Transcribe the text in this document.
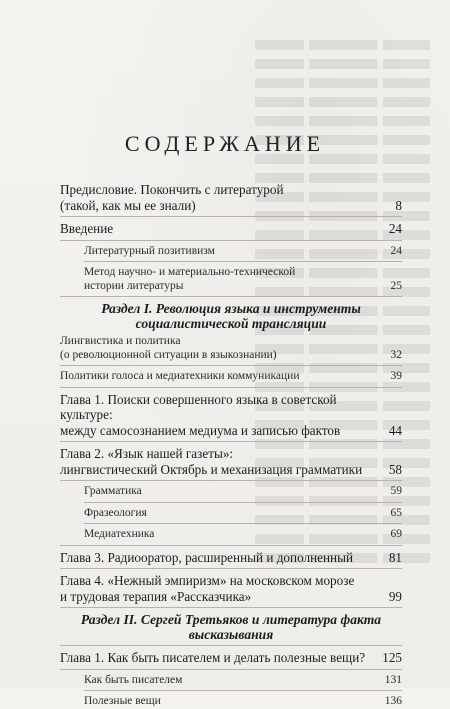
СОДЕРЖАНИЕ
Предисловие. Покончить с литературой
(такой, как мы ее знали)	8
Введение	24
Литературный позитивизм	24
Метод научно- и материально-технической
истории литературы	25
Раздел I. Революция языка и инструменты
социалистической трансляции
Лингвистика и политика
(о революционной ситуации в языкознании)	32
Политики голоса и медиатехники коммуникации	39
Глава 1. Поиски совершенного языка в советской культуре:
между самосознанием медиума и записью фактов	44
Глава 2. «Язык нашей газеты»:
лингвистический Октябрь и механизация грамматики	58
Грамматика	59
Фразеология	65
Медиатехника	69
Глава 3. Радиооратор, расширенный и дополненный	81
Глава 4. «Нежный эмпиризм» на московском морозе
и трудовая терапия «Рассказчика»	99
Раздел II. Сергей Третьяков и литература факта
высказывания
Глава 1. Как быть писателем и делать полезные вещи?	125
Как быть писателем	131
Полезные вещи	136
